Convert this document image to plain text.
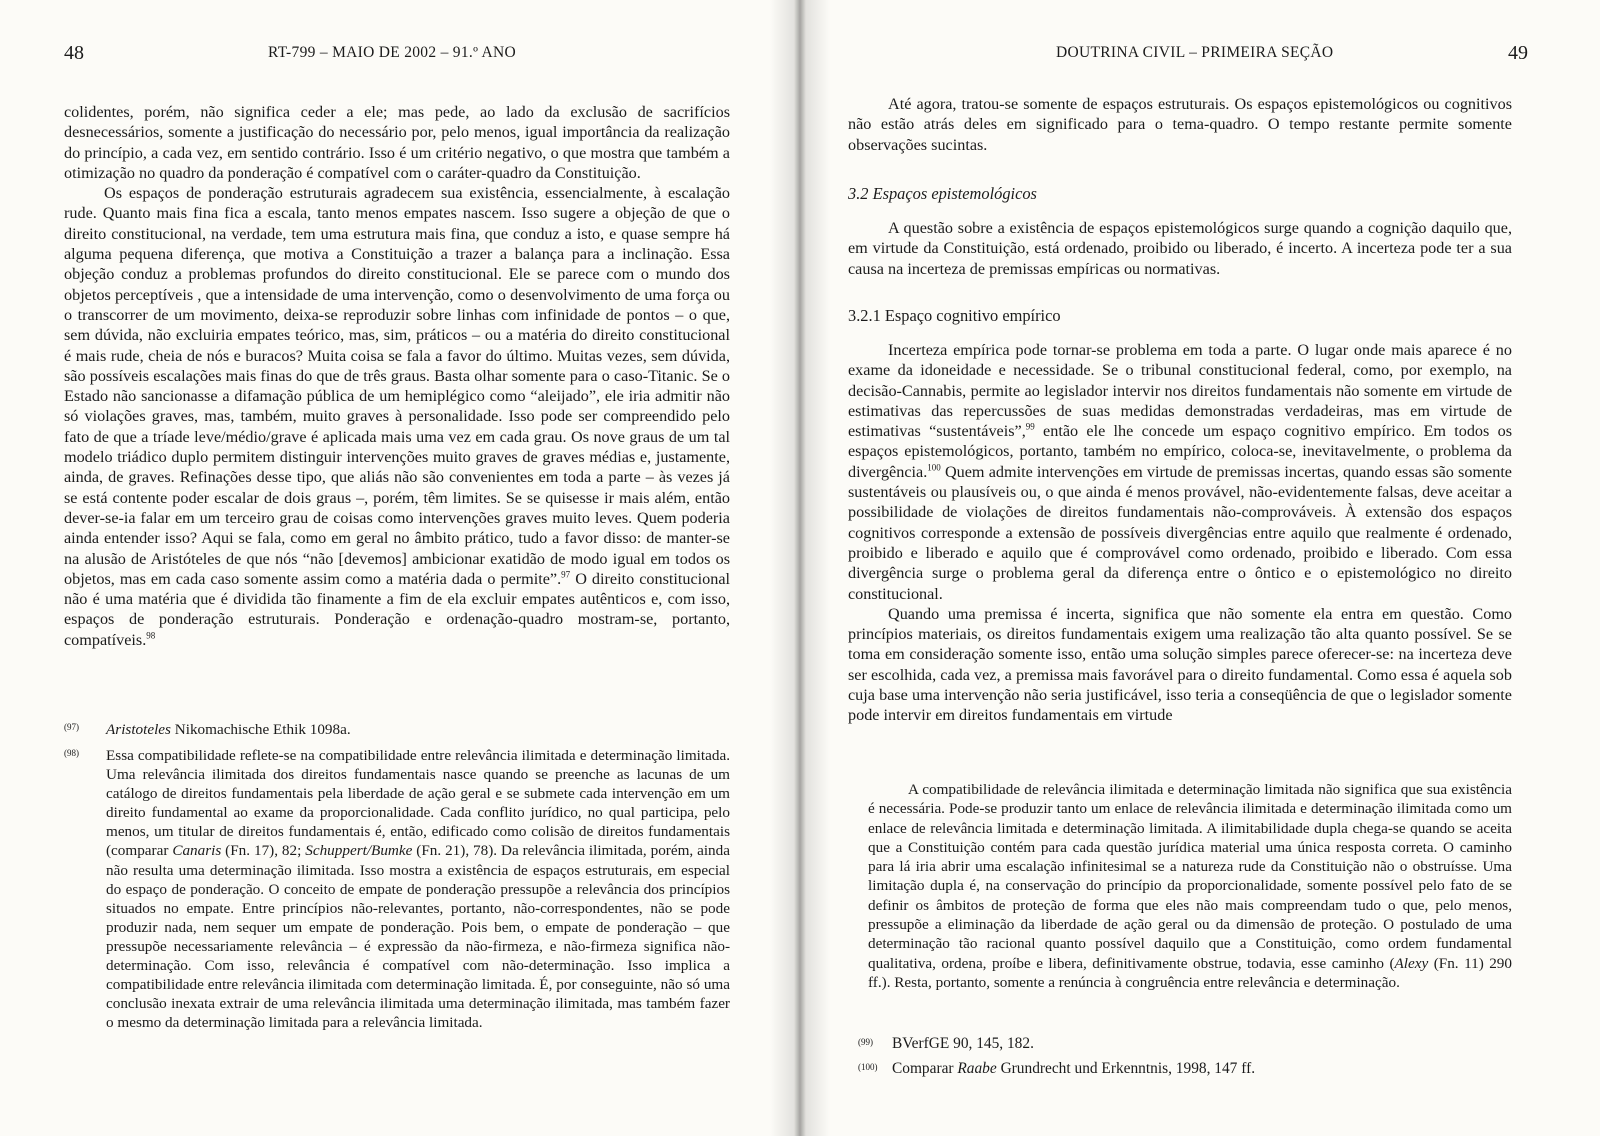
48	RT-799 – MAIO DE 2002 – 91.º ANO

colidentes, porém, não significa ceder a ele; mas pede, ao lado da exclusão de sacrifícios desnecessários, somente a justificação do necessário por, pelo menos, igual importância da realização do princípio, a cada vez, em sentido contrário. Isso é um critério negativo, o que mostra que também a otimização no quadro da ponderação é compatível com o caráter-quadro da Constituição.

Os espaços de ponderação estruturais agradecem sua existência, essencialmente, à escalação rude. Quanto mais fina fica a escala, tanto menos empates nascem. Isso sugere a objeção de que o direito constitucional, na verdade, tem uma estrutura mais fina, que conduz a isto, e quase sempre há alguma pequena diferença, que motiva a Constituição a trazer a balança para a inclinação. Essa objeção conduz a problemas profundos do direito constitucional. Ele se parece com o mundo dos objetos perceptíveis , que a intensidade de uma intervenção, como o desenvolvimento de uma força ou o transcorrer de um movimento, deixa-se reproduzir sobre linhas com infinidade de pontos – o que, sem dúvida, não excluiria empates teórico, mas, sim, práticos – ou a matéria do direito constitucional é mais rude, cheia de nós e buracos? Muita coisa se fala a favor do último. Muitas vezes, sem dúvida, são possíveis escalações mais finas do que de três graus. Basta olhar somente para o caso-Titanic. Se o Estado não sancionasse a difamação pública de um hemiplégico como “aleijado”, ele iria admitir não só violações graves, mas, também, muito graves à personalidade. Isso pode ser compreendido pelo fato de que a tríade leve/médio/grave é aplicada mais uma vez em cada grau. Os nove graus de um tal modelo triádico duplo permitem distinguir intervenções muito graves de graves médias e, justamente, ainda, de graves. Refinações desse tipo, que aliás não são convenientes em toda a parte – às vezes já se está contente poder escalar de dois graus –, porém, têm limites. Se se quisesse ir mais além, então dever-se-ia falar em um terceiro grau de coisas como intervenções graves muito leves. Quem poderia ainda entender isso? Aqui se fala, como em geral no âmbito prático, tudo a favor disso: de manter-se na alusão de Aristóteles de que nós “não [devemos] ambicionar exatidão de modo igual em todos os objetos, mas em cada caso somente assim como a matéria dada o permite”.$^{97}$ O direito constitucional não é uma matéria que é dividida tão finamente a fim de ela excluir empates autênticos e, com isso, espaços de ponderação estruturais. Ponderação e ordenação-quadro mostram-se, portanto, compatíveis.$^{98}$

(97) Aristoteles Nikomachische Ethik 1098a.
(98) Essa compatibilidade reflete-se na compatibilidade entre relevância ilimitada e determinação limitada. Uma relevância ilimitada dos direitos fundamentais nasce quando se preenche as lacunas de um catálogo de direitos fundamentais pela liberdade de ação geral e se submete cada intervenção em um direito fundamental ao exame da proporcionalidade. Cada conflito jurídico, no qual participa, pelo menos, um titular de direitos fundamentais é, então, edificado como colisão de direitos fundamentais (comparar Canaris (Fn. 17), 82; Schuppert/Bumke (Fn. 21), 78). Da relevância ilimitada, porém, ainda não resulta uma determinação ilimitada. Isso mostra a existência de espaços estruturais, em especial do espaço de ponderação. O conceito de empate de ponderação pressupõe a relevância dos princípios situados no empate. Entre princípios não-relevantes, portanto, não-correspondentes, não se pode produzir nada, nem sequer um empate de ponderação. Pois bem, o empate de ponderação – que pressupõe necessariamente relevância – é expressão da não-firmeza, e não-firmeza significa não-determinação. Com isso, relevância é compatível com não-determinação. Isso implica a compatibilidade entre relevância ilimitada com determinação limitada. É, por conseguinte, não só uma conclusão inexata extrair de uma relevância ilimitada uma determinação ilimitada, mas também fazer o mesmo da determinação limitada para a relevância limitada.
DOUTRINA CIVIL – PRIMEIRA SEÇÃO	49

Até agora, tratou-se somente de espaços estruturais. Os espaços epistemológicos ou cognitivos não estão atrás deles em significado para o tema-quadro. O tempo restante permite somente observações sucintas.

3.2 Espaços epistemológicos

A questão sobre a existência de espaços epistemológicos surge quando a cognição daquilo que, em virtude da Constituição, está ordenado, proibido ou liberado, é incerto. A incerteza pode ter a sua causa na incerteza de premissas empíricas ou normativas.

3.2.1 Espaço cognitivo empírico

Incerteza empírica pode tornar-se problema em toda a parte. O lugar onde mais aparece é no exame da idoneidade e necessidade. Se o tribunal constitucional federal, como, por exemplo, na decisão-Cannabis, permite ao legislador intervir nos direitos fundamentais não somente em virtude de estimativas das repercussões de suas medidas demonstradas verdadeiras, mas em virtude de estimativas “sustentáveis”,$^{99}$ então ele lhe concede um espaço cognitivo empírico. Em todos os espaços epistemológicos, portanto, também no empírico, coloca-se, inevitavelmente, o problema da divergência.$^{100}$ Quem admite intervenções em virtude de premissas incertas, quando essas são somente sustentáveis ou plausíveis ou, o que ainda é menos provável, não-evidentemente falsas, deve aceitar a possibilidade de violações de direitos fundamentais não-comprováveis. À extensão dos espaços cognitivos corresponde a extensão de possíveis divergências entre aquilo que realmente é ordenado, proibido e liberado e aquilo que é comprovável como ordenado, proibido e liberado. Com essa divergência surge o problema geral da diferença entre o ôntico e o epistemológico no direito constitucional.

Quando uma premissa é incerta, significa que não somente ela entra em questão. Como princípios materiais, os direitos fundamentais exigem uma realização tão alta quanto possível. Se se toma em consideração somente isso, então uma solução simples parece oferecer-se: na incerteza deve ser escolhida, cada vez, a premissa mais favorável para o direito fundamental. Como essa é aquela sob cuja base uma intervenção não seria justificável, isso teria a conseqüência de que o legislador somente pode intervir em direitos fundamentais em virtude

A compatibilidade de relevância ilimitada e determinação limitada não significa que sua existência é necessária. Pode-se produzir tanto um enlace de relevância ilimitada e determinação ilimitada como um enlace de relevância limitada e determinação limitada. A ilimitabilidade dupla chega-se quando se aceita que a Constituição contém para cada questão jurídica material uma única resposta correta. O caminho para lá iria abrir uma escalação infinitesimal se a natureza rude da Constituição não o obstruísse. Uma limitação dupla é, na conservação do princípio da proporcionalidade, somente possível pelo fato de se definir os âmbitos de proteção de forma que eles não mais compreendam tudo o que, pelo menos, pressupõe a eliminação da liberdade de ação geral ou da dimensão de proteção. O postulado de uma determinação tão racional quanto possível daquilo que a Constituição, como ordem fundamental qualitativa, ordena, proíbe e libera, definitivamente obstrue, todavia, esse caminho (Alexy (Fn. 11) 290 ff.). Resta, portanto, somente a renúncia à congruência entre relevância e determinação.

(99) BVerfGE 90, 145, 182.
(100) Comparar Raabe Grundrecht und Erkenntnis, 1998, 147 ff.
